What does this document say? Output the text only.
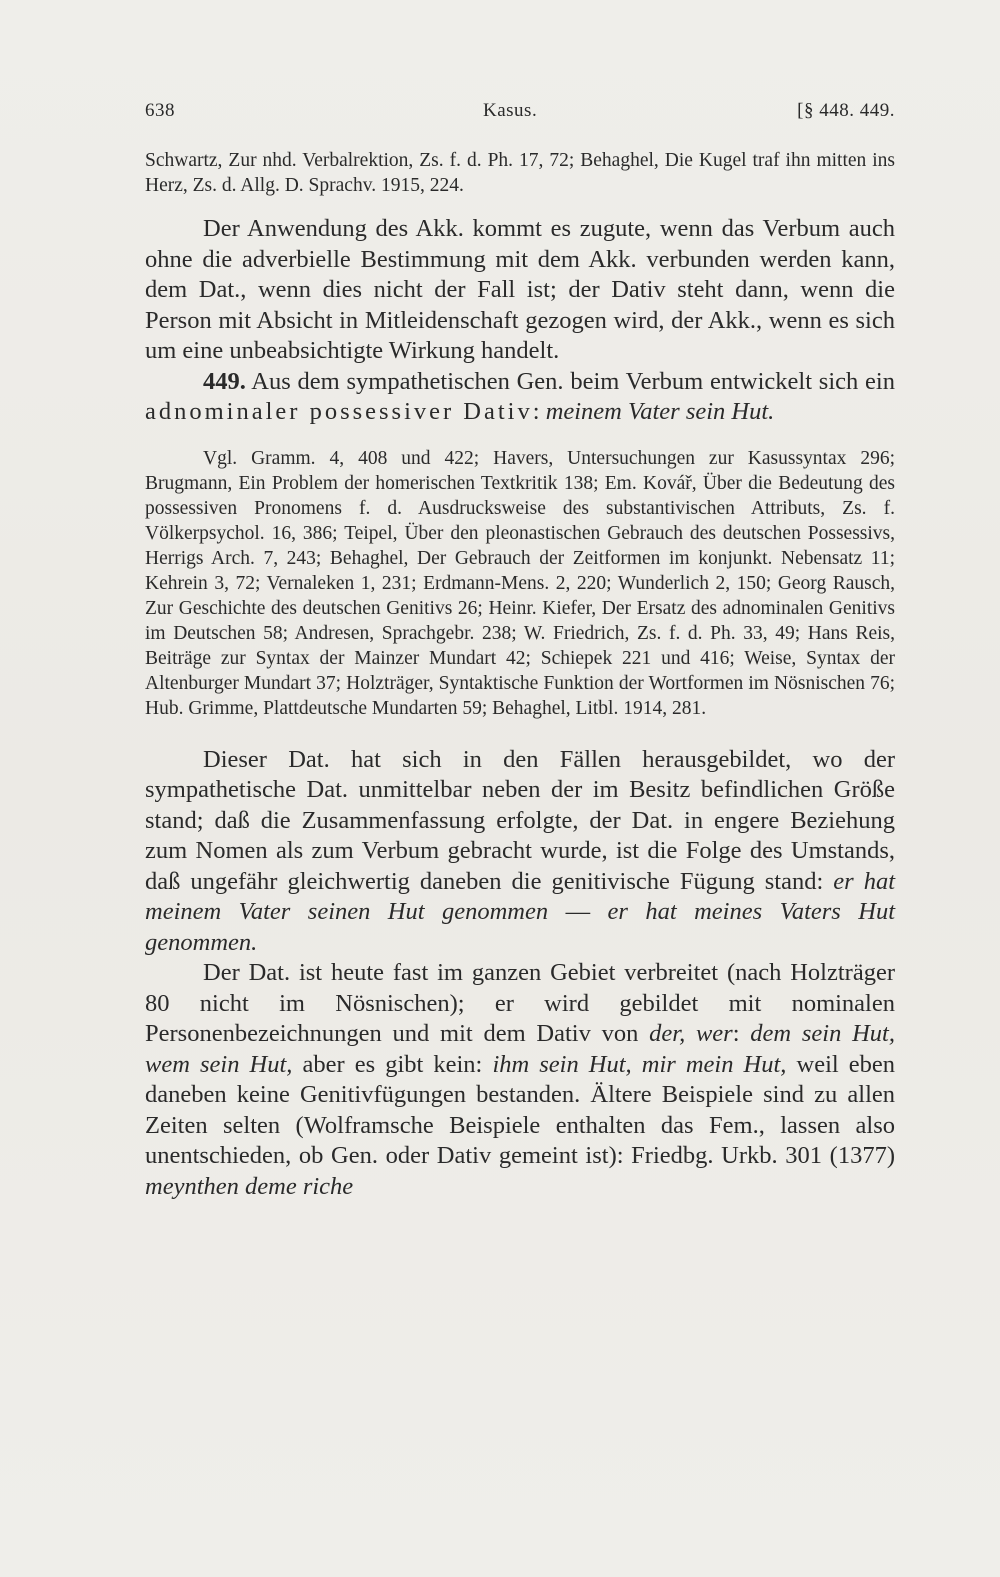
638	Kasus.	[§ 448. 449.

Schwartz, Zur nhd. Verbalrektion, Zs. f. d. Ph. 17, 72; Behaghel, Die Kugel traf ihn mitten ins Herz, Zs. d. Allg. D. Sprachv. 1915, 224.

Der Anwendung des Akk. kommt es zugute, wenn das Verbum auch ohne die adverbielle Bestimmung mit dem Akk. verbunden werden kann, dem Dat., wenn dies nicht der Fall ist; der Dativ steht dann, wenn die Person mit Absicht in Mitleidenschaft gezogen wird, der Akk., wenn es sich um eine unbeabsichtigte Wirkung handelt.

449. Aus dem sympathetischen Gen. beim Verbum entwickelt sich ein adnominaler possessiver Dativ: meinem Vater sein Hut.

Vgl. Gramm. 4, 408 und 422; Havers, Untersuchungen zur Kasussyntax 296; Brugmann, Ein Problem der homerischen Textkritik 138; Em. Kovář, Über die Bedeutung des possessiven Pronomens f. d. Ausdrucksweise des substantivischen Attributs, Zs. f. Völkerpsychol. 16, 386; Teipel, Über den pleonastischen Gebrauch des deutschen Possessivs, Herrigs Arch. 7, 243; Behaghel, Der Gebrauch der Zeitformen im konjunkt. Nebensatz 11; Kehrein 3, 72; Vernaleken 1, 231; Erdmann-Mens. 2, 220; Wunderlich 2, 150; Georg Rausch, Zur Geschichte des deutschen Genitivs 26; Heinr. Kiefer, Der Ersatz des adnominalen Genitivs im Deutschen 58; Andresen, Sprachgebr. 238; W. Friedrich, Zs. f. d. Ph. 33, 49; Hans Reis, Beiträge zur Syntax der Mainzer Mundart 42; Schiepek 221 und 416; Weise, Syntax der Altenburger Mundart 37; Holzträger, Syntaktische Funktion der Wortformen im Nösnischen 76; Hub. Grimme, Plattdeutsche Mundarten 59; Behaghel, Litbl. 1914, 281.

Dieser Dat. hat sich in den Fällen herausgebildet, wo der sympathetische Dat. unmittelbar neben der im Besitz befindlichen Größe stand; daß die Zusammenfassung erfolgte, der Dat. in engere Beziehung zum Nomen als zum Verbum gebracht wurde, ist die Folge des Umstands, daß ungefähr gleichwertig daneben die genitivische Fügung stand: er hat meinem Vater seinen Hut genommen — er hat meines Vaters Hut genommen.

Der Dat. ist heute fast im ganzen Gebiet verbreitet (nach Holzträger 80 nicht im Nösnischen); er wird gebildet mit nominalen Personenbezeichnungen und mit dem Dativ von der, wer: dem sein Hut, wem sein Hut, aber es gibt kein: ihm sein Hut, mir mein Hut, weil eben daneben keine Genitivfügungen bestanden. Ältere Beispiele sind zu allen Zeiten selten (Wolframsche Beispiele enthalten das Fem., lassen also unentschieden, ob Gen. oder Dativ gemeint ist): Friedbg. Urkb. 301 (1377) meynthen deme riche
